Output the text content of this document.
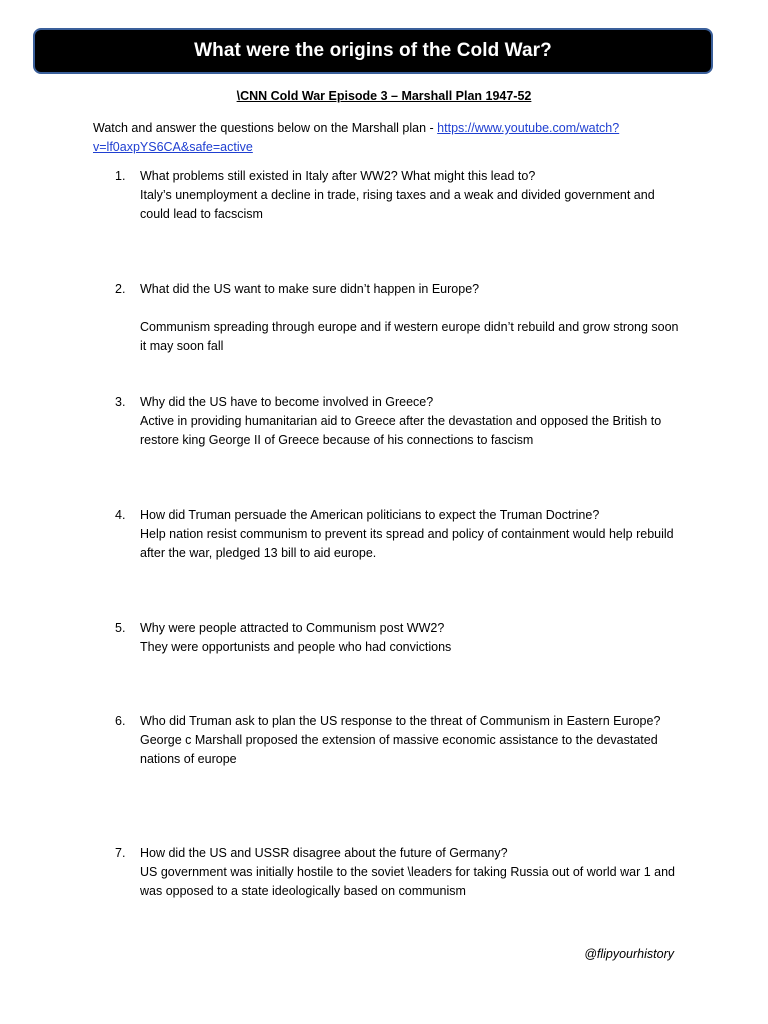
What were the origins of the Cold War?
\CNN Cold War Episode 3 – Marshall Plan 1947-52
Watch and answer the questions below on the Marshall plan - https://www.youtube.com/watch?v=lf0axpYS6CA&safe=active
1.	What problems still existed in Italy after WW2? What might this lead to?
Italy’s unemployment a decline in trade, rising taxes and a weak and divided government and could lead to facscism
2.	What did the US want to make sure didn’t happen in Europe?
Communism spreading through europe and if western europe didn’t rebuild and grow strong soon it may soon fall
3.	Why did the US have to become involved in Greece?
Active in providing humanitarian aid to Greece after the devastation and opposed the British to restore king George II of Greece because of his connections to fascism
4.	How did Truman persuade the American politicians to expect the Truman Doctrine?
Help nation resist communism to prevent its spread and policy of containment would help rebuild after the war, pledged 13 bill to aid europe.
5.	Why were people attracted to Communism post WW2?
They were opportunists and people who had convictions
6.	Who did Truman ask to plan the US response to the threat of Communism in Eastern Europe?
George c Marshall proposed the extension of massive economic assistance to the devastated nations of europe
7.	How did the US and USSR disagree about the future of Germany?
US government was initially hostile to the soviet \leaders for taking Russia out of world war 1 and was opposed to a state ideologically based on communism
@flipyourhistory
